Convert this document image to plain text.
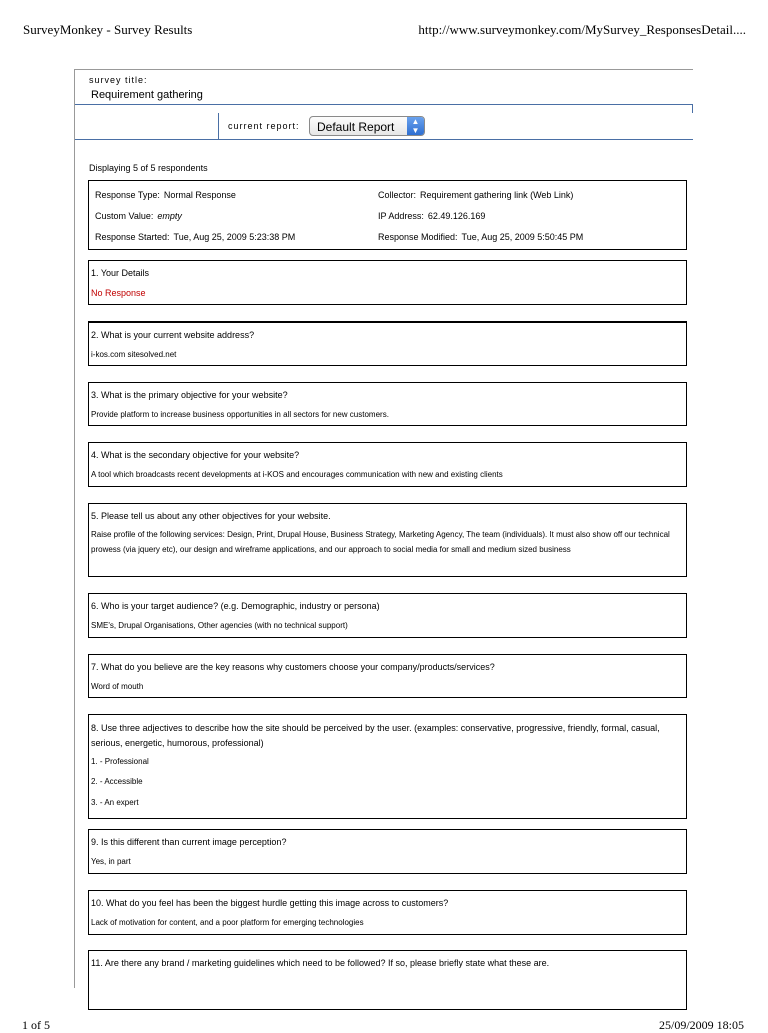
SurveyMonkey - Survey Results	http://www.surveymonkey.com/MySurvey_ResponsesDetail....
survey title:
Requirement gathering
current report: Default Report	▲
▼
Displaying 5 of 5 respondents
Response Type: Normal Response	Collector: Requirement gathering link (Web Link)
Custom Value: empty	IP Address: 62.49.126.169
Response Started: Tue, Aug 25, 2009 5:23:38 PM	Response Modified: Tue, Aug 25, 2009 5:50:45 PM
1. Your Details
No Response
2. What is your current website address?
i-kos.com sitesolved.net
3. What is the primary objective for your website?
Provide platform to increase business opportunities in all sectors for new customers.
4. What is the secondary objective for your website?
A tool which broadcasts recent developments at i-KOS and encourages communication with new and existing clients
5. Please tell us about any other objectives for your website.
Raise profile of the following services: Design, Print, Drupal House, Business Strategy, Marketing Agency, The team (individuals). It must also show off our technical prowess (via jquery etc), our design and wireframe applications, and our approach to social media for small and medium sized business
6. Who is your target audience? (e.g. Demographic, industry or persona)
SME's, Drupal Organisations, Other agencies (with no technical support)
7. What do you believe are the key reasons why customers choose your company/products/services?
Word of mouth
8. Use three adjectives to describe how the site should be perceived by the user. (examples: conservative, progressive, friendly, formal, casual, serious, energetic, humorous, professional)
1. - Professional
2. - Accessible
3. - An expert
9. Is this different than current image perception?
Yes, in part
10. What do you feel has been the biggest hurdle getting this image across to customers?
Lack of motivation for content, and a poor platform for emerging technologies
11. Are there any brand / marketing guidelines which need to be followed? If so, please briefly state what these are.
1 of 5	25/09/2009 18:05
